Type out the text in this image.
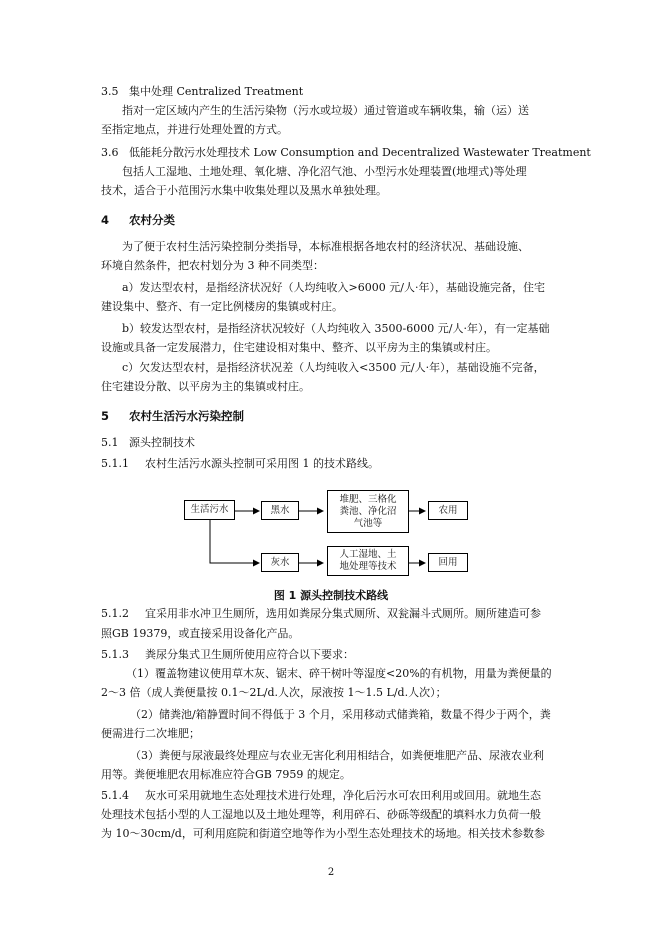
3.5 集中处理 Centralized Treatment
指对一定区域内产生的生活污染物（污水或垃圾）通过管道或车辆收集，输（运）送
至指定地点，并进行处理处置的方式。
3.6 低能耗分散污水处理技术 Low Consumption and Decentralized Wastewater Treatment
包括人工湿地、土地处理、氧化塘、净化沼气池、小型污水处理装置(地埋式)等处理
技术，适合于小范围污水集中收集处理以及黑水单独处理。
4 农村分类
为了便于农村生活污染控制分类指导，本标准根据各地农村的经济状况、基础设施、
环境自然条件，把农村划分为 3 种不同类型：
a）发达型农村，是指经济状况好（人均纯收入>6000 元/人·年），基础设施完备，住宅
建设集中、整齐、有一定比例楼房的集镇或村庄。
b）较发达型农村，是指经济状况较好（人均纯收入 3500-6000 元/人·年），有一定基础
设施或具备一定发展潜力，住宅建设相对集中、整齐、以平房为主的集镇或村庄。
c）欠发达型农村，是指经济状况差（人均纯收入<3500 元/人·年），基础设施不完备，
住宅建设分散、以平房为主的集镇或村庄。
5 农村生活污水污染控制
5.1 源头控制技术
5.1.1 农村生活污水源头控制可采用图 1 的技术路线。
生活污水	黑水
堆肥、三格化
粪池、净化沼
气池等
农用
灰水
人工湿地、土
地处理等技术	回用
图 1 源头控制技术路线
5.1.2 宜采用非水冲卫生厕所，选用如粪尿分集式厕所、双瓮漏斗式厕所。厕所建造可参
照GB 19379，或直接采用设备化产品。
5.1.3 粪尿分集式卫生厕所使用应符合以下要求：
（1）覆盖物建议使用草木灰、锯末、碎干树叶等湿度<20%的有机物，用量为粪便量的
2～3 倍（成人粪便量按 0.1～2L/d.人次，尿液按 1～1.5 L/d.人次）；
（2）储粪池/箱静置时间不得低于 3 个月，采用移动式储粪箱，数量不得少于两个，粪
便需进行二次堆肥；
（3）粪便与尿液最终处理应与农业无害化利用相结合，如粪便堆肥产品、尿液农业利
用等。粪便堆肥农用标准应符合GB 7959 的规定。
5.1.4 灰水可采用就地生态处理技术进行处理，净化后污水可农田利用或回用。就地生态
处理技术包括小型的人工湿地以及土地处理等，利用碎石、砂砾等级配的填料水力负荷一般
为 10～30cm/d，可利用庭院和街道空地等作为小型生态处理技术的场地。相关技术参数参
2
